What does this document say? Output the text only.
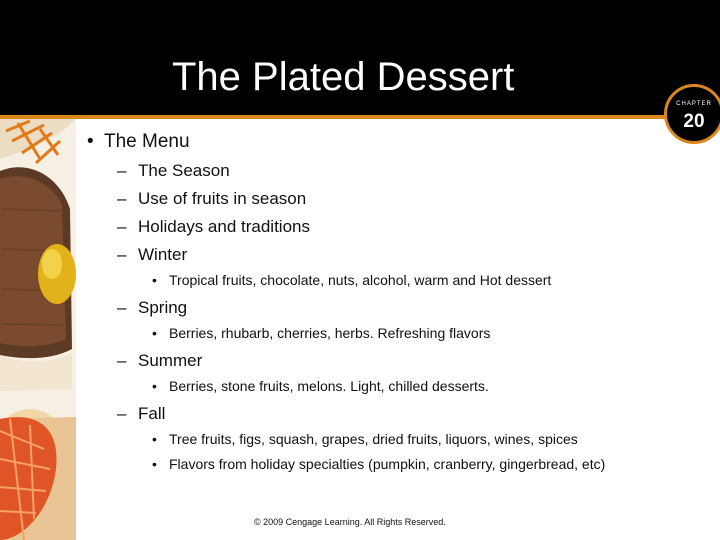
The Plated Dessert
CHAPTER
20
• The Menu
– The Season
– Use of fruits in season
– Holidays and traditions
– Winter
• Tropical fruits, chocolate, nuts, alcohol, warm and Hot dessert
– Spring
• Berries, rhubarb, cherries, herbs. Refreshing flavors
– Summer
• Berries, stone fruits, melons. Light, chilled desserts.
– Fall
• Tree fruits, figs, squash, grapes, dried fruits, liquors, wines, spices
• Flavors from holiday specialties (pumpkin, cranberry, gingerbread, etc)
© 2009 Cengage Learning. All Rights Reserved.
